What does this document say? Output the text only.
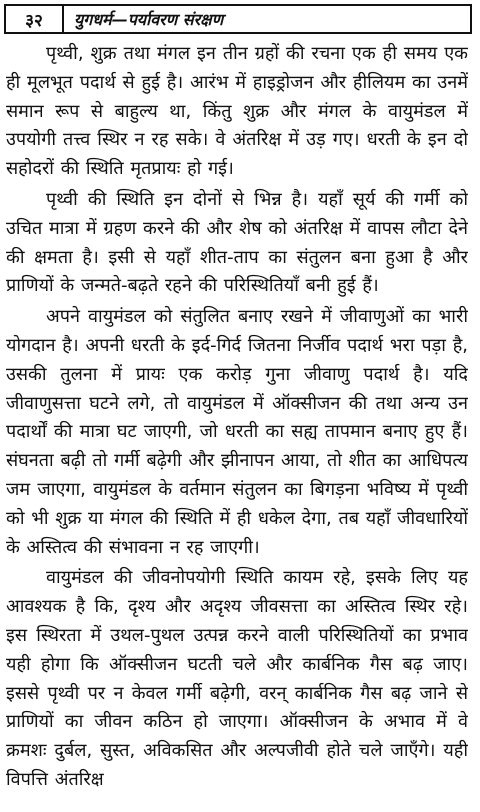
३२	युगधर्म—पर्यावरण संरक्षण

पृथ्वी, शुक्र तथा मंगल इन तीन ग्रहों की रचना एक ही समय एक ही मूलभूत पदार्थ से हुई है। आरंभ में हाइड्रोजन और हीलियम का उनमें समान रूप से बाहुल्य था, किंतु शुक्र और मंगल के वायुमंडल में उपयोगी तत्त्व स्थिर न रह सके। वे अंतरिक्ष में उड़ गए। धरती के इन दो सहोदरों की स्थिति मृतप्रायः हो गई।

पृथ्वी की स्थिति इन दोनों से भिन्न है। यहाँ सूर्य की गर्मी को उचित मात्रा में ग्रहण करने की और शेष को अंतरिक्ष में वापस लौटा देने की क्षमता है। इसी से यहाँ शीत-ताप का संतुलन बना हुआ है और प्राणियों के जन्मते-बढ़ते रहने की परिस्थितियाँ बनी हुई हैं।

अपने वायुमंडल को संतुलित बनाए रखने में जीवाणुओं का भारी योगदान है। अपनी धरती के इर्द-गिर्द जितना निर्जीव पदार्थ भरा पड़ा है, उसकी तुलना में प्रायः एक करोड़ गुना जीवाणु पदार्थ है। यदि जीवाणुसत्ता घटने लगे, तो वायुमंडल में ऑक्सीजन की तथा अन्य उन पदार्थों की मात्रा घट जाएगी, जो धरती का सह्य तापमान बनाए हुए हैं। संघनता बढ़ी तो गर्मी बढ़ेगी और झीनापन आया, तो शीत का आधिपत्य जम जाएगा, वायुमंडल के वर्तमान संतुलन का बिगड़ना भविष्य में पृथ्वी को भी शुक्र या मंगल की स्थिति में ही धकेल देगा, तब यहाँ जीवधारियों के अस्तित्व की संभावना न रह जाएगी।

वायुमंडल की जीवनोपयोगी स्थिति कायम रहे, इसके लिए यह आवश्यक है कि, दृश्य और अदृश्य जीवसत्ता का अस्तित्व स्थिर रहे। इस स्थिरता में उथल-पुथल उत्पन्न करने वाली परिस्थितियों का प्रभाव यही होगा कि ऑक्सीजन घटती चले और कार्बनिक गैस बढ़ जाए। इससे पृथ्वी पर न केवल गर्मी बढ़ेगी, वरन् कार्बनिक गैस बढ़ जाने से प्राणियों का जीवन कठिन हो जाएगा। ऑक्सीजन के अभाव में वे क्रमशः दुर्बल, सुस्त, अविकसित और अल्पजीवी होते चले जाएँगे। यही विपत्ति अंतरिक्ष
